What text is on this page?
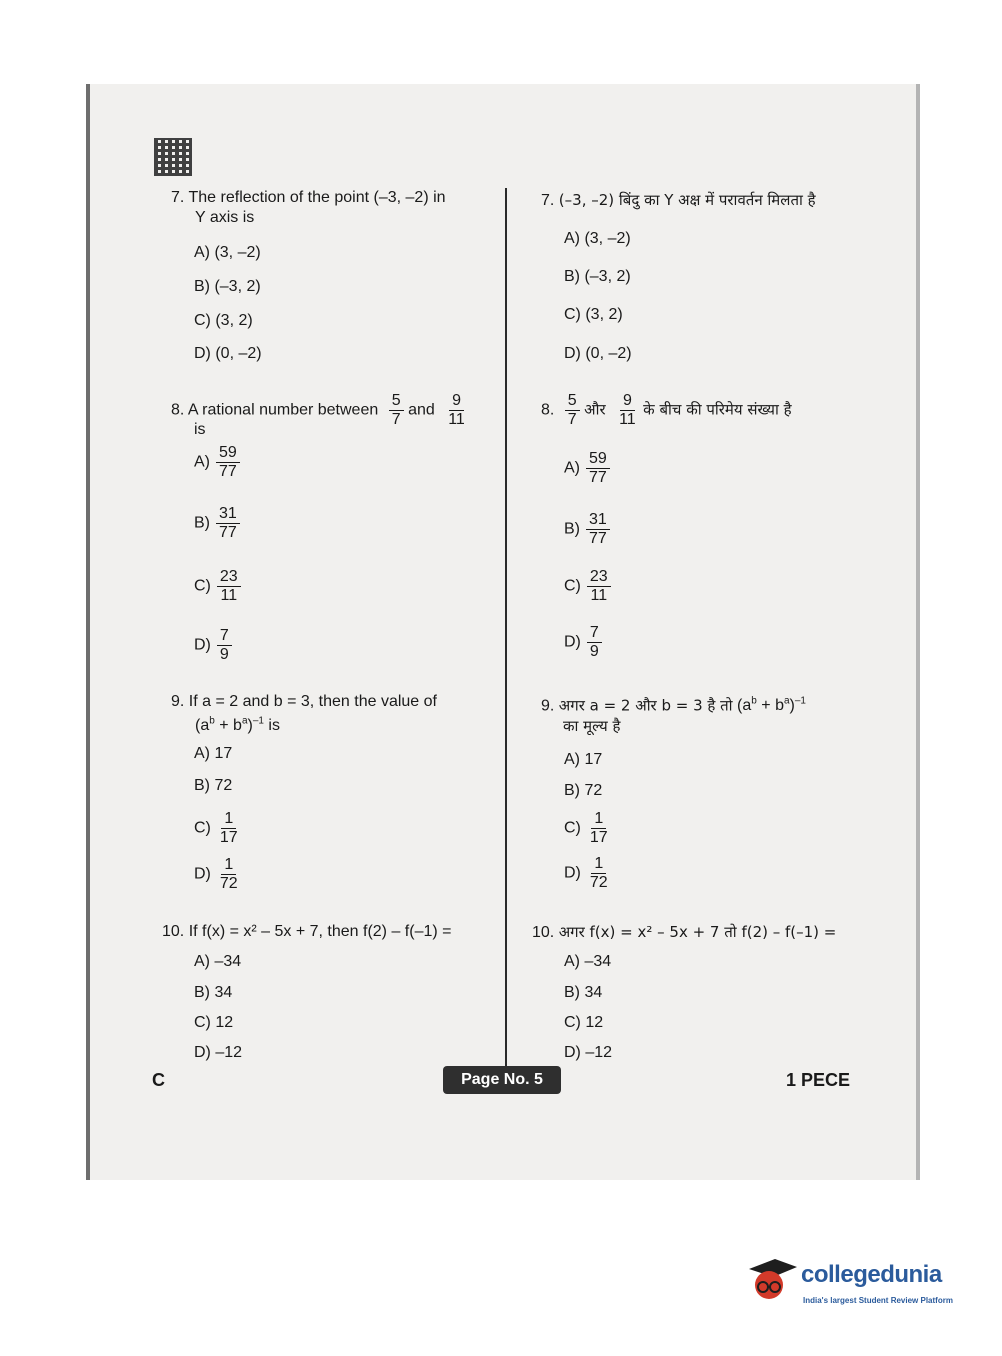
7. The reflection of the point (–3, –2) in
Y axis is
A) (3, –2)
B) (–3, 2)
C) (3, 2)
D) (0, –2)
8. A rational number between $\frac{5}{7}$ and $\frac{9}{11}$
is
$A) \frac{59}{77}$
$B) \frac{31}{77}$
$C) \frac{23}{11}$
$D) \frac{7}{9}$
9. If a = 2 and b = 3, then the value of
$(a^b + b^a)^{-1}$ is
A) 17
B) 72
$C) \frac{1}{17}$
$D) \frac{1}{72}$
10. If f(x) = x² – 5x + 7, then f(2) – f(–1) =
A) –34
B) 34
C) 12
D) –12
7. (–3, –2) बिंदु का Y अक्ष में परावर्तन मिलता है
A) (3, –2)
B) (–3, 2)
C) (3, 2)
D) (0, –2)
8. $\frac{5}{7}$ और $\frac{9}{11}$ के बीच की परिमेय संख्या है
$A) \frac{59}{77}$
$B) \frac{31}{77}$
$C) \frac{23}{11}$
$D) \frac{7}{9}$
9. अगर a = 2 और b = 3 है तो $(a^b + b^a)^{-1}$
का मूल्य है
A) 17
B) 72
$C) \frac{1}{17}$
$D) \frac{1}{72}$
10. अगर f(x) = x² – 5x + 7 तो f(2) – f(–1) =
A) –34
B) 34
C) 12
D) –12
C	Page No. 5	1 PECE
collegedunia
India's largest Student Review Platform
